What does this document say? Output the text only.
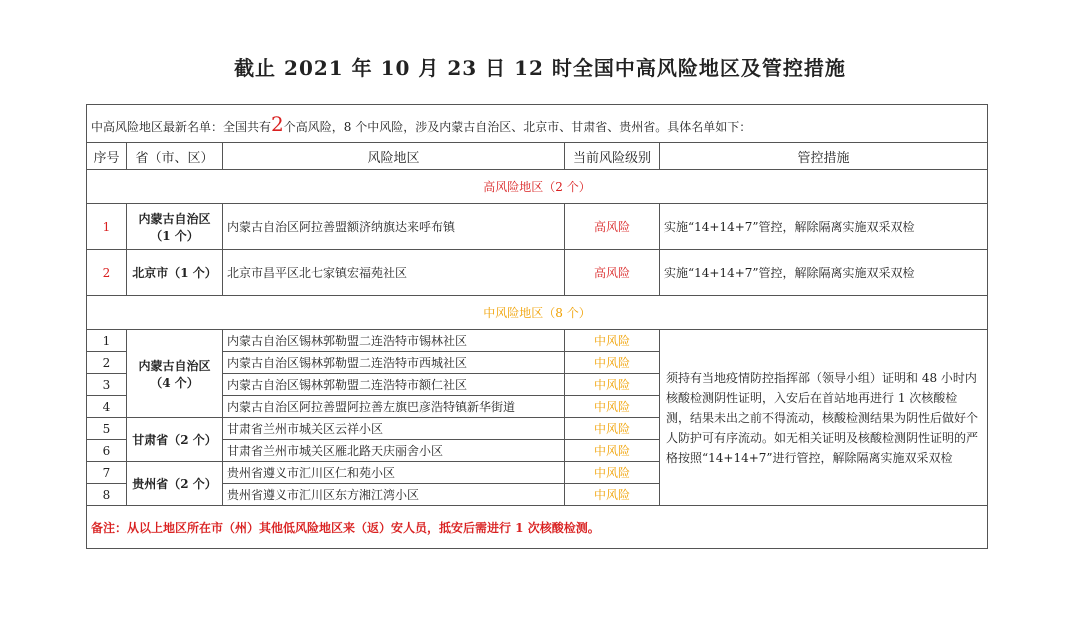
截止 2021 年 10 月 23 日 12 时全国中高风险地区及管控措施
中高风险地区最新名单：全国共有2个高风险，8 个中风险，涉及内蒙古自治区、北京市、甘肃省、贵州省。具体名单如下：				
序号	省（市、区）	风险地区	当前风险级别	管控措施
高风险地区（2 个）				
1	内蒙古自治区
（1 个）	内蒙古自治区阿拉善盟额济纳旗达来呼布镇	高风险	实施“14+14+7”管控，解除隔离实施双采双检
2	北京市（1 个）	北京市昌平区北七家镇宏福苑社区	高风险	实施“14+14+7”管控，解除隔离实施双采双检
中风险地区（8 个）				
1	内蒙古自治区
（4 个）	内蒙古自治区锡林郭勒盟二连浩特市锡林社区	中风险	须持有当地疫情防控指挥部（领导小组）证明和 48 小时内核酸检测阴性证明，入安后在首站地再进行 1 次核酸检测，结果未出之前不得流动，核酸检测结果为阴性后做好个人防护可有序流动。如无相关证明及核酸检测阴性证明的严格按照“14+14+7”进行管控，解除隔离实施双采双检
2		内蒙古自治区锡林郭勒盟二连浩特市西城社区	中风险	
3		内蒙古自治区锡林郭勒盟二连浩特市额仁社区	中风险	
4		内蒙古自治区阿拉善盟阿拉善左旗巴彦浩特镇新华街道	中风险	
5	甘肃省（2 个）	甘肃省兰州市城关区云祥小区	中风险	
6		甘肃省兰州市城关区雁北路天庆丽舍小区	中风险	
7	贵州省（2 个）	贵州省遵义市汇川区仁和苑小区	中风险	
8		贵州省遵义市汇川区东方湘江湾小区	中风险	
备注：从以上地区所在市（州）其他低风险地区来（返）安人员，抵安后需进行 1 次核酸检测。				
